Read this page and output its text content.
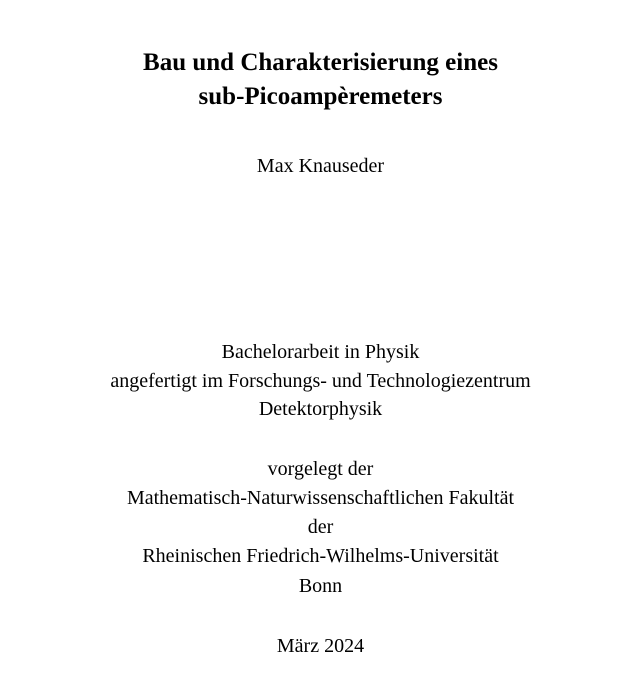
Bau und Charakterisierung eines
sub-Picoampèremeters
Max Knauseder
Bachelorarbeit in Physik
angefertigt im Forschungs- und Technologiezentrum
Detektorphysik
vorgelegt der
Mathematisch-Naturwissenschaftlichen Fakultät
der
Rheinischen Friedrich-Wilhelms-Universität
Bonn
März 2024
